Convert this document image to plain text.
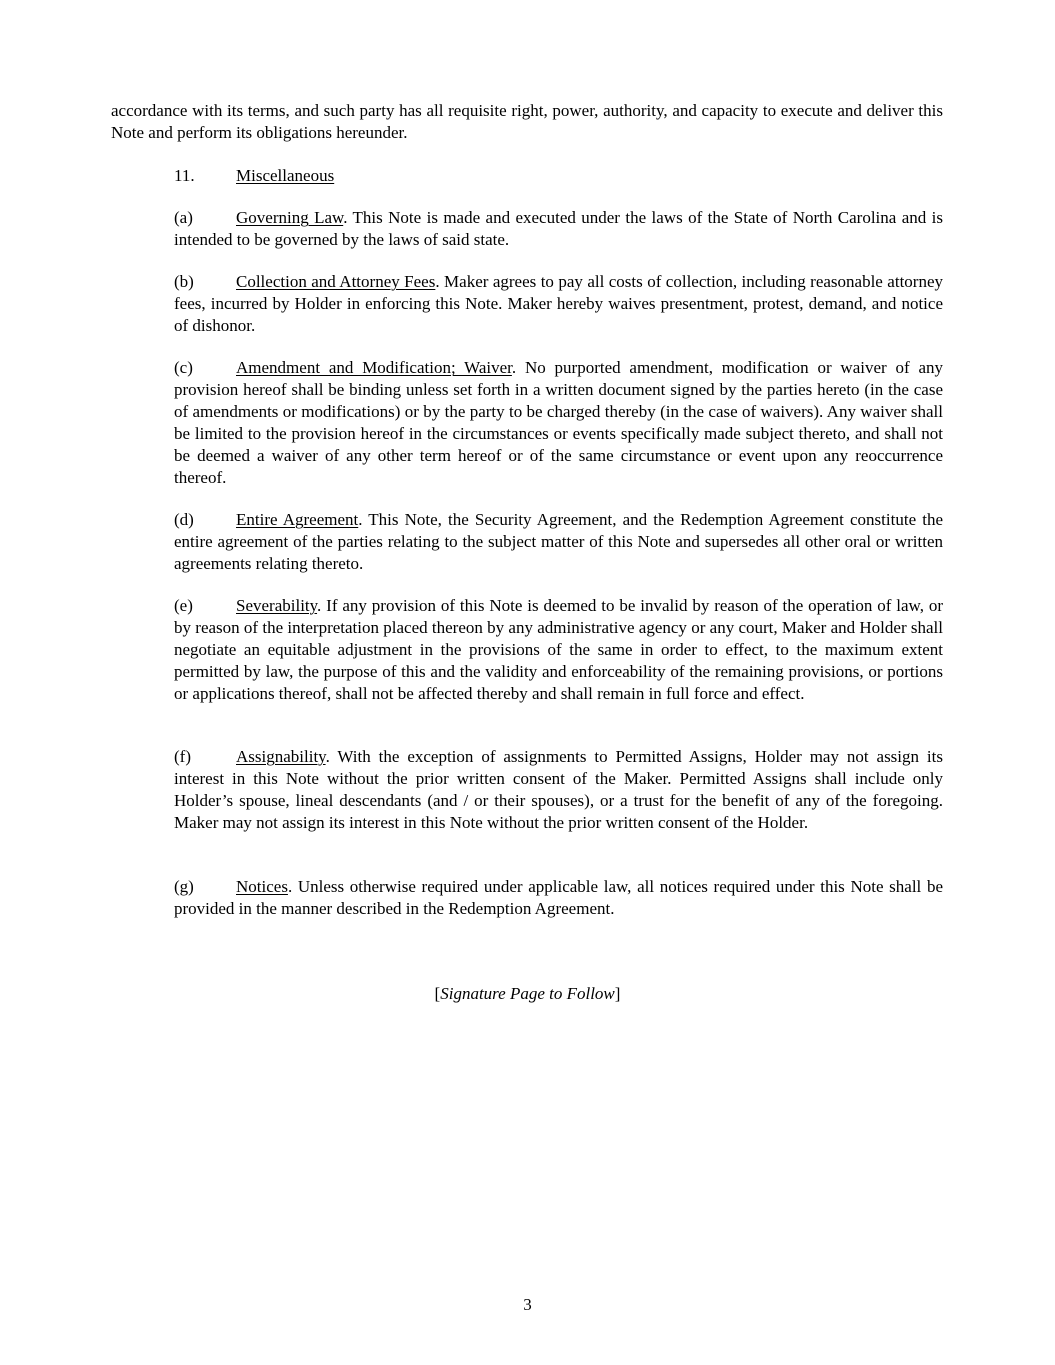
accordance with its terms, and such party has all requisite right, power, authority, and capacity to execute and deliver this Note and perform its obligations hereunder.

11. Miscellaneous

(a)	Governing Law. This Note is made and executed under the laws of the State of North Carolina and is intended to be governed by the laws of said state.

(b) Collection and Attorney Fees. Maker agrees to pay all costs of collection, including reasonable attorney fees, incurred by Holder in enforcing this Note. Maker hereby waives presentment, protest, demand, and notice of dishonor.

(c)	Amendment and Modification; Waiver. No purported amendment, modification or waiver of any provision hereof shall be binding unless set forth in a written document signed by the parties hereto (in the case of amendments or modifications) or by the party to be charged thereby (in the case of waivers). Any waiver shall be limited to the provision hereof in the circumstances or events specifically made subject thereto, and shall not be deemed a waiver of any other term hereof or of the same circumstance or event upon any reoccurrence thereof.

(d) Entire Agreement. This Note, the Security Agreement, and the Redemption Agreement constitute the entire agreement of the parties relating to the subject matter of this Note and supersedes all other oral or written agreements relating thereto.

(e)	Severability. If any provision of this Note is deemed to be invalid by reason of the operation of law, or by reason of the interpretation placed thereon by any administrative agency or any court, Maker and Holder shall negotiate an equitable adjustment in the provisions of the same in order to effect, to the maximum extent permitted by law, the purpose of this and the validity and enforceability of the remaining provisions, or portions or applications thereof, shall not be affected thereby and shall remain in full force and effect.

(f)	Assignability. With the exception of assignments to Permitted Assigns, Holder may not assign its interest in this Note without the prior written consent of the Maker. Permitted Assigns shall include only Holder’s spouse, lineal descendants (and / or their spouses), or a trust for the benefit of any of the foregoing. Maker may not assign its interest in this Note without the prior written consent of the Holder.

(g) Notices. Unless otherwise required under applicable law, all notices required under this Note shall be provided in the manner described in the Redemption Agreement.

[Signature Page to Follow]

3
